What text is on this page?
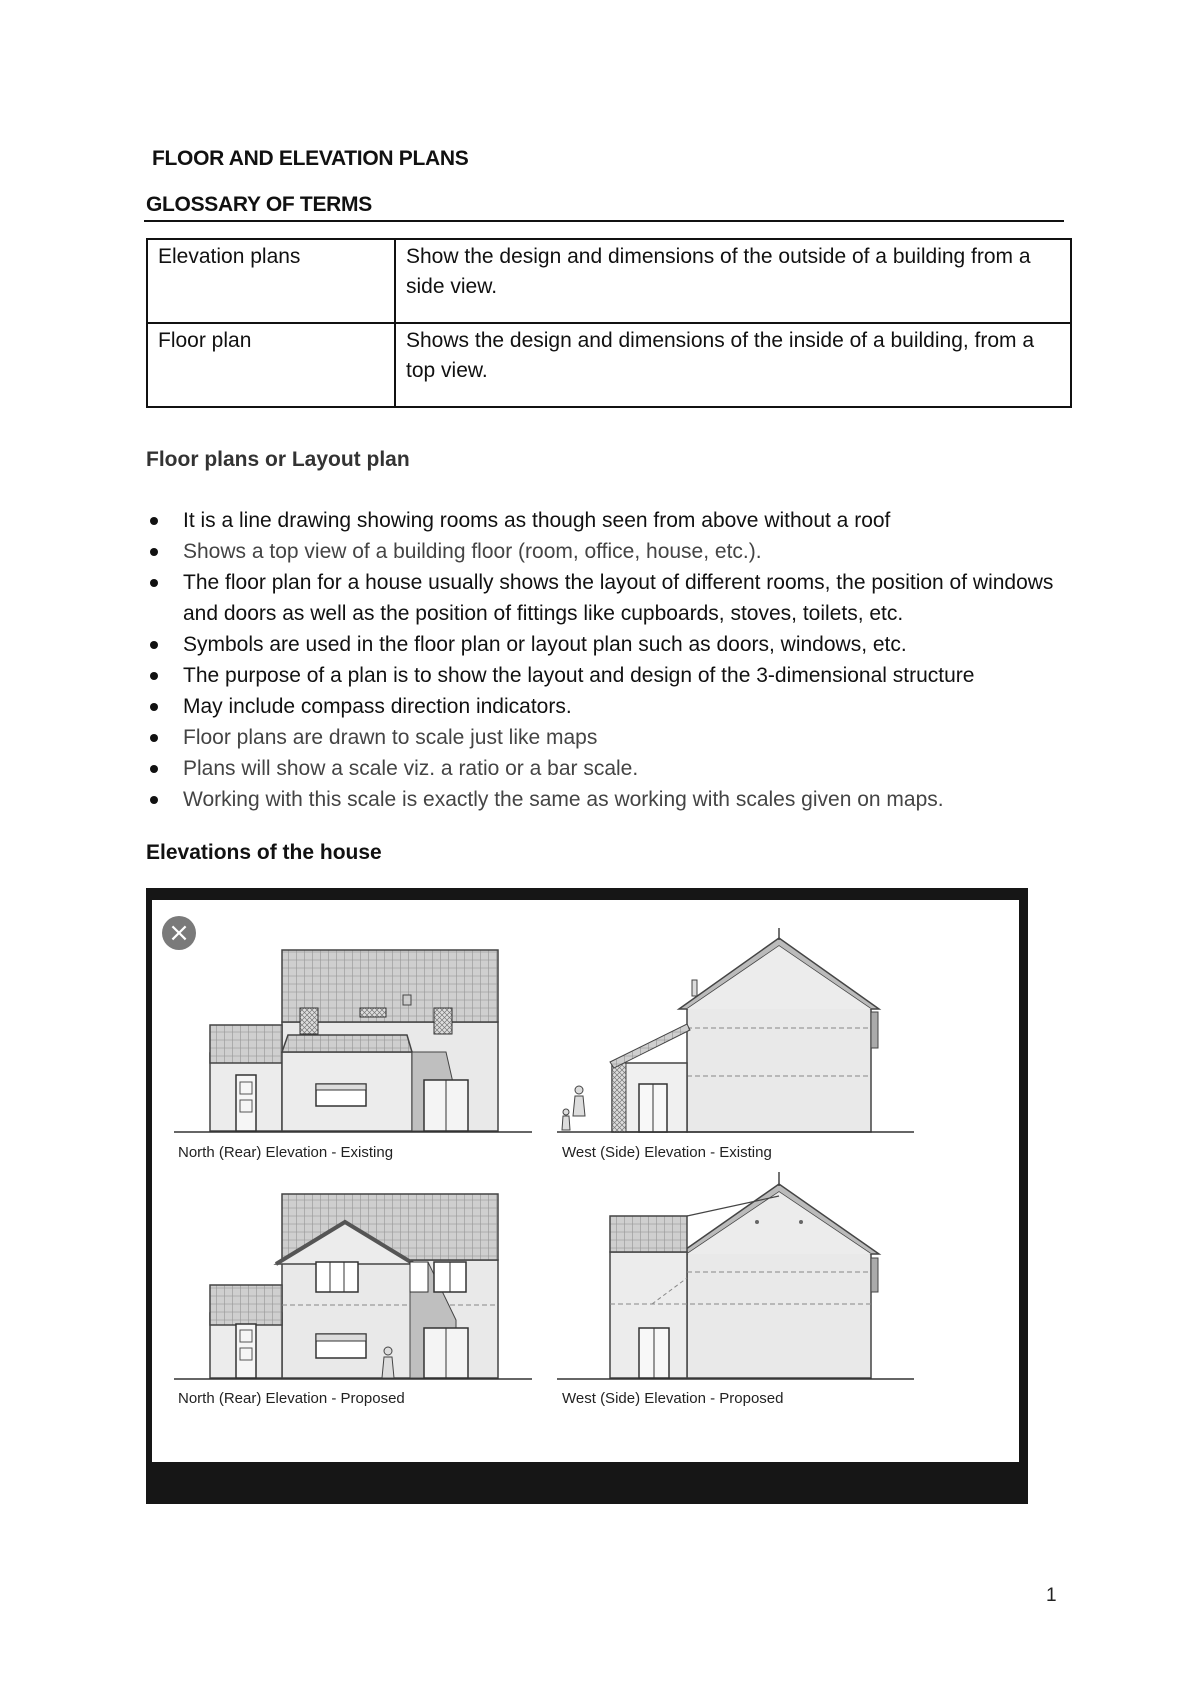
FLOOR AND ELEVATION PLANS
GLOSSARY OF TERMS
Elevation plans	Show the design and dimensions of the outside of a building from a side view.
Floor plan	Shows the design and dimensions of the inside of a building, from a top view.
Floor plans or Layout plan
It is a line drawing showing rooms as though seen from above without a roof
Shows a top view of a building floor (room, office, house, etc.).
The floor plan for a house usually shows the layout of different rooms, the position of windows and doors as well as the position of fittings like cupboards, stoves, toilets, etc.
Symbols are used in the floor plan or layout plan such as doors, windows, etc.
The purpose of a plan is to show the layout and design of the 3-dimensional structure
May include compass direction indicators.
Floor plans are drawn to scale just like maps
Plans will show a scale viz. a ratio or a bar scale.
Working with this scale is exactly the same as working with scales given on maps.
Elevations of the house
×
North (Rear) Elevation - Existing	West (Side) Elevation - Existing
North (Rear) Elevation - Proposed	West (Side) Elevation - Proposed
1
